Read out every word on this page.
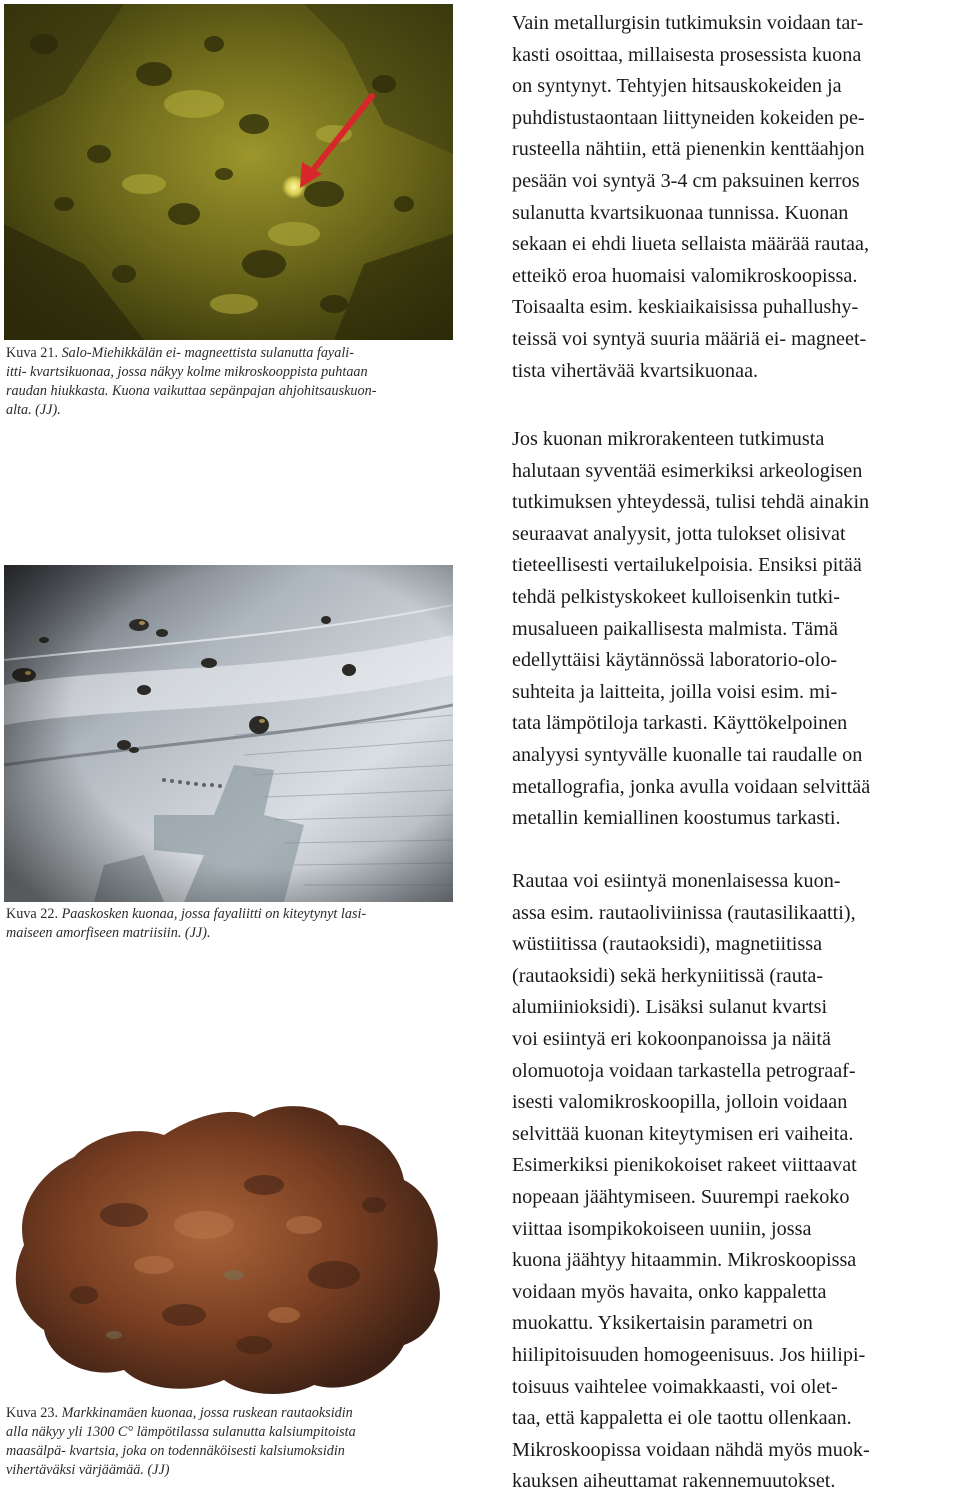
Kuva 21. Salo-Miehikkälän ei- magneettista sulanutta fayali-
itti- kvartsikuonaa, jossa näkyy kolme mikroskooppista puhtaan
raudan hiukkasta. Kuona vaikuttaa sepänpajan ahjohitsauskuon-
alta. (JJ).

Kuva 22. Paaskosken kuonaa, jossa fayaliitti on kiteytynyt lasi-
maiseen amorfiseen matriisiin. (JJ).

Kuva 23. Markkinamäen kuonaa, jossa ruskean rautaoksidin
alla näkyy yli 1300 C° lämpötilassa sulanutta kalsiumpitoista
maasälpä- kvartsia, joka on todennäköisesti kalsiumoksidin
vihertäväksi värjäämää. (JJ)

Vain metallurgisin tutkimuksin voidaan tar-
kasti osoittaa, millaisesta prosessista kuona
on syntynyt. Tehtyjen hitsauskokeiden ja
puhdistustaontaan liittyneiden kokeiden pe-
rusteella nähtiin, että pienenkin kenttäahjon
pesään voi syntyä 3-4 cm paksuinen kerros
sulanutta kvartsikuonaa tunnissa. Kuonan
sekaan ei ehdi liueta sellaista määrää rautaa,
etteikö eroa huomaisi valomikroskoopissa.
Toisaalta esim. keskiaikaisissa puhallushy-
teissä voi syntyä suuria määriä ei- magneet-
tista vihertävää kvartsikuonaa.

Jos kuonan mikrorakenteen tutkimusta
halutaan syventää esimerkiksi arkeologisen
tutkimuksen yhteydessä, tulisi tehdä ainakin
seuraavat analyysit, jotta tulokset olisivat
tieteellisesti vertailukelpoisia. Ensiksi pitää
tehdä pelkistyskokeet kulloisenkin tutki-
musalueen paikallisesta malmista. Tämä
edellyttäisi käytännössä laboratorio-olo-
suhteita ja laitteita, joilla voisi esim. mi-
tata lämpötiloja tarkasti. Käyttökelpoinen
analyysi syntyvälle kuonalle tai raudalle on
metallografia, jonka avulla voidaan selvittää
metallin kemiallinen koostumus tarkasti.

Rautaa voi esiintyä monenlaisessa kuon-
assa esim. rautaoliviinissa (rautasilikaatti),
wüstiitissa (rautaoksidi), magnetiitissa
(rautaoksidi) sekä herkyniitissä (rauta-
alumiinioksidi). Lisäksi sulanut kvartsi
voi esiintyä eri kokoonpanoissa ja näitä
olomuotoja voidaan tarkastella petrograaf-
isesti valomikroskoopilla, jolloin voidaan
selvittää kuonan kiteytymisen eri vaiheita.
Esimerkiksi pienikokoiset rakeet viittaavat
nopeaan jäähtymiseen. Suurempi raekoko
viittaa isompikokoiseen uuniin, jossa
kuona jäähtyy hitaammin. Mikroskoopissa
voidaan myös havaita, onko kappaletta
muokattu. Yksikertaisin parametri on
hiilipitoisuuden homogeenisuus. Jos hiilipi-
toisuus vaihtelee voimakkaasti, voi olet-
taa, että kappaletta ei ole taottu ollenkaan.
Mikroskoopissa voidaan nähdä myös muok-
kauksen aiheuttamat rakennemuutokset.
